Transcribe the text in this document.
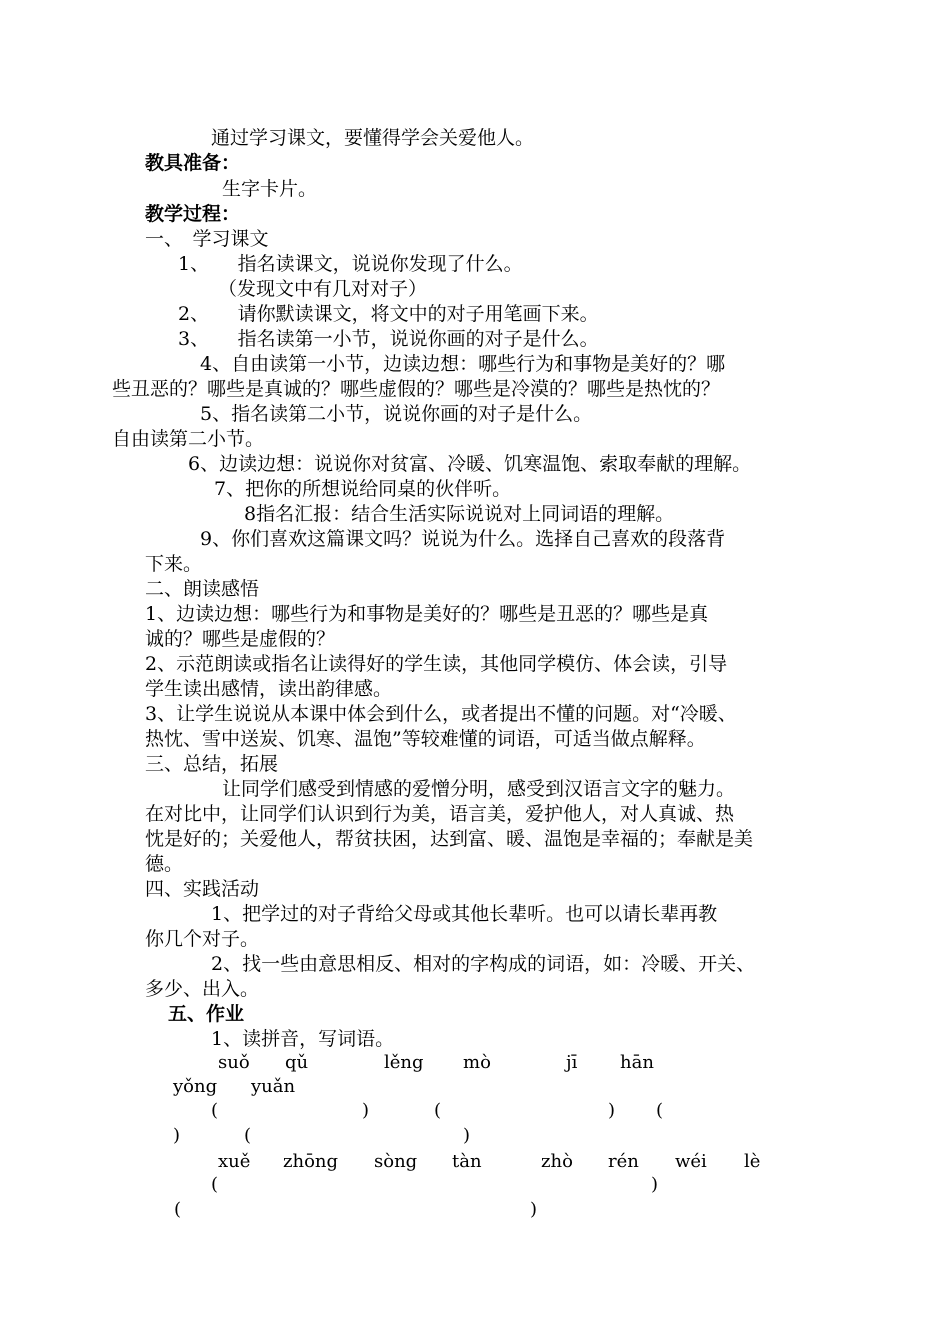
通过学习课文，要懂得学会关爱他人。
教具准备：
生字卡片。
教学过程：
一、　学习课文
1、　　指名读课文，说说你发现了什么。
（发现文中有几对对子）
2、　　请你默读课文，将文中的对子用笔画下来。
3、　　指名读第一小节，说说你画的对子是什么。
4、自由读第一小节，边读边想：哪些行为和事物是美好的？哪
些丑恶的？哪些是真诚的？哪些虚假的？哪些是冷漠的？哪些是热忱的？
5、指名读第二小节，说说你画的对子是什么。
自由读第二小节。
6、边读边想：说说你对贫富、冷暖、饥寒温饱、索取奉献的理解。
7、把你的所想说给同桌的伙伴听。
8指名汇报：结合生活实际说说对上同词语的理解。
9、你们喜欢这篇课文吗？说说为什么。选择自己喜欢的段落背
下来。
二、朗读感悟
1、边读边想：哪些行为和事物是美好的？哪些是丑恶的？哪些是真
诚的？哪些是虚假的？
2、示范朗读或指名让读得好的学生读，其他同学模仿、体会读，引导
学生读出感情，读出韵律感。
3、让学生说说从本课中体会到什么，或者提出不懂的问题。对“冷暖、
热忱、雪中送炭、饥寒、温饱”等较难懂的词语，可适当做点解释。
三、总结，拓展
让同学们感受到情感的爱憎分明，感受到汉语言文字的魅力。
在对比中，让同学们认识到行为美，语言美，爱护他人，对人真诚、热
忱是好的；关爱他人，帮贫扶困，达到富、暖、温饱是幸福的；奉献是美
德。
四、实践活动
1、把学过的对子背给父母或其他长辈听。也可以请长辈再教
你几个对子。
2、找一些由意思相反、相对的字构成的词语，如：冷暖、开关、
多少、出入。
五、作业
1、读拼音，写词语。
suǒ qǔ	lěng mò	jī hān
yǒng yuǎn
(	)	(	) (
)	(	)
xuě zhōng sòng tàn	zhò rén wéi lè
(	)
(	)
